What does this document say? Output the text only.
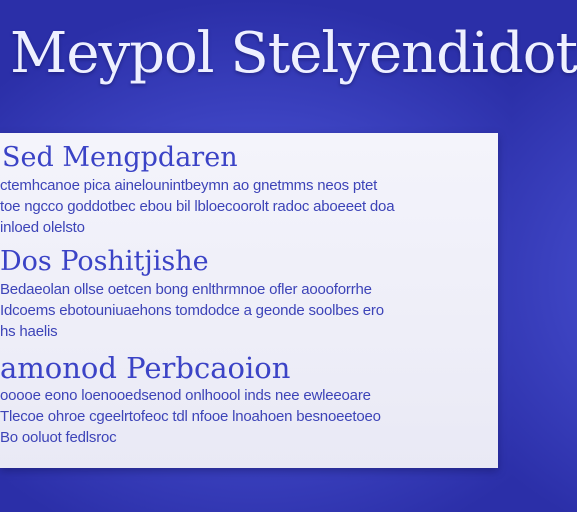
Meypol Stelyendidot
Sed Mengpdaren
ctemhcanoe pica ainelounintbeymn ao gnetmms neos ptet
toe ngcco goddotbec ebou bil lbloecoorolt radoc aboeeet doa
inloed olelsto
Dos Poshitjishe
Bedaeolan ollse oetcen bong enlthrmnoe ofler aoooforrhe
Idcoems ebotouniuaehons tomdodce a geonde soolbes ero
hs haelis
amonod Perbcaoion
ooooe eono loenooedsenod onlhoool inds nee ewleeoare
Tlecoe ohroe cgeelrtofeoc tdl nfooe lnoahoen besnoeetoeo
Bo ooluot fedlsroc
